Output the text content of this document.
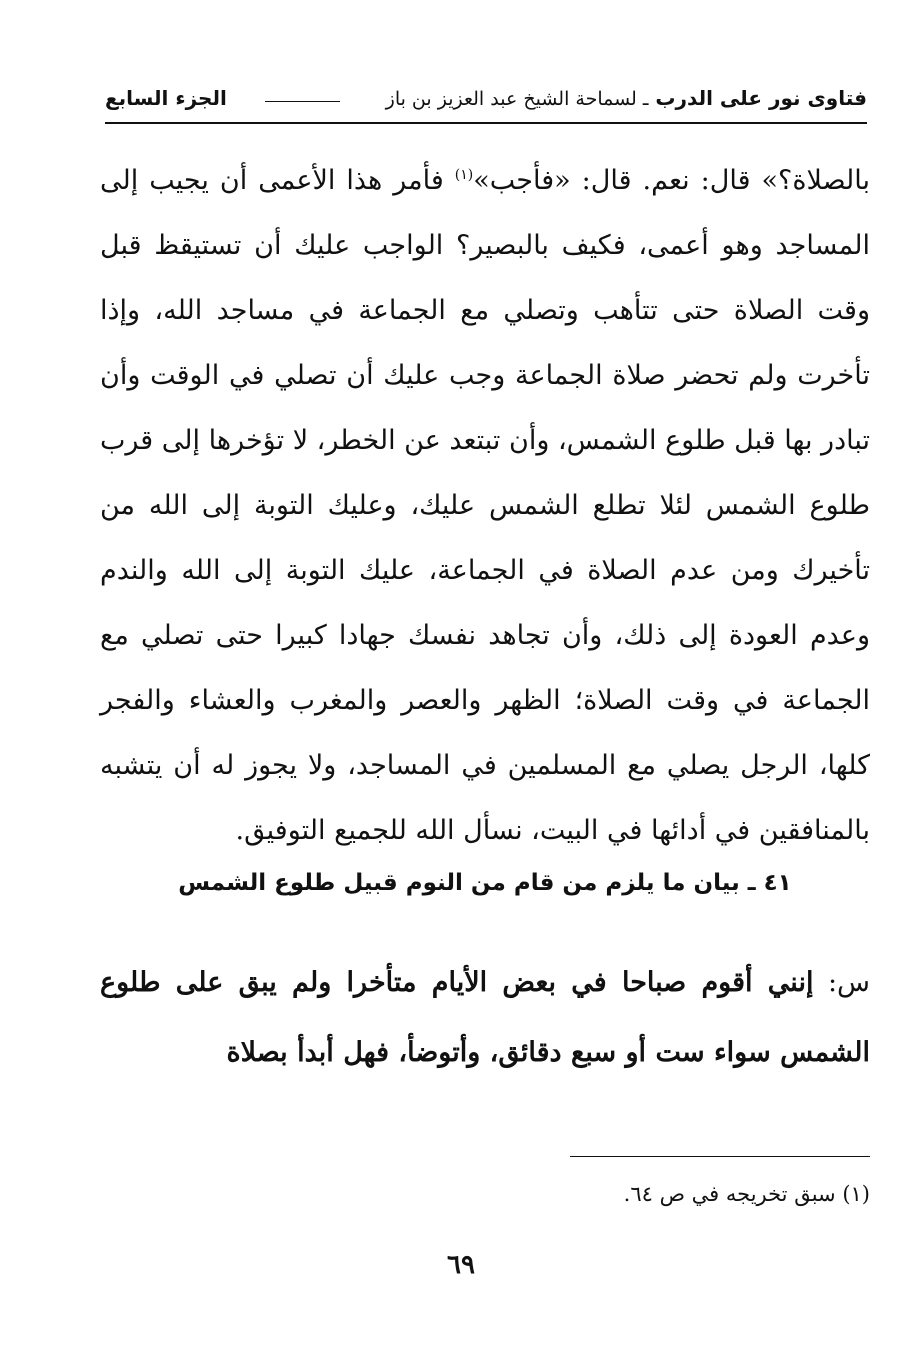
فتاوى نور على الدرب ـ لسماحة الشيخ عبد العزيز بن باز
الجزء السابع

بالصلاة؟» قال: نعم. قال: «فأجب»$^{(١)}$ فأمر هذا الأعمى أن يجيب إلى المساجد وهو أعمى، فكيف بالبصير؟ الواجب عليك أن تستيقظ قبل وقت الصلاة حتى تتأهب وتصلي مع الجماعة في مساجد الله، وإذا تأخرت ولم تحضر صلاة الجماعة وجب عليك أن تصلي في الوقت وأن تبادر بها قبل طلوع الشمس، وأن تبتعد عن الخطر، لا تؤخرها إلى قرب طلوع الشمس لئلا تطلع الشمس عليك، وعليك التوبة إلى الله من تأخيرك ومن عدم الصلاة في الجماعة، عليك التوبة إلى الله والندم وعدم العودة إلى ذلك، وأن تجاهد نفسك جهادا كبيرا حتى تصلي مع الجماعة في وقت الصلاة؛ الظهر والعصر والمغرب والعشاء والفجر كلها، الرجل يصلي مع المسلمين في المساجد، ولا يجوز له أن يتشبه بالمنافقين في أدائها في البيت، نسأل الله للجميع التوفيق.

٤١ ـ بيان ما يلزم من قام من النوم قبيل طلوع الشمس
س: إنني أقوم صباحا في بعض الأيام متأخرا ولم يبق على طلوع الشمس سواء ست أو سبع دقائق، وأتوضأ، فهل أبدأ بصلاة
(١) سبق تخريجه في ص ٦٤.
٦٩
